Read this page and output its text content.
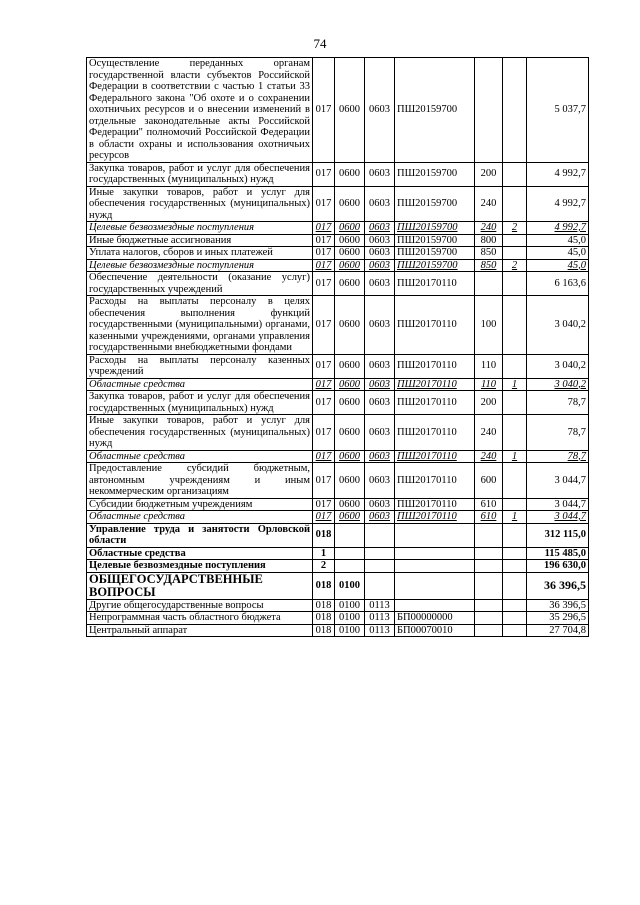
74
Осуществление переданных органам государственной власти субъектов Российской Федерации в соответствии с частью 1 статьи 33 Федерального закона "Об охоте и о сохранении охотничьих ресурсов и о внесении изменений в отдельные законодательные акты Российской Федерации" полномочий Российской Федерации в области охраны и использования охотничьих ресурсов	017	0600	0603	ПШ20159700			5 037,7
Закупка товаров, работ и услуг для обеспечения государственных (муниципальных) нужд	017	0600	0603	ПШ20159700	200		4 992,7
Иные закупки товаров, работ и услуг для обеспечения государственных (муниципальных) нужд	017	0600	0603	ПШ20159700	240		4 992,7
Целевые безвозмездные поступления	017	0600	0603	ПШ20159700	240	2	4 992,7
Иные бюджетные ассигнования	017	0600	0603	ПШ20159700	800		45,0
Уплата налогов, сборов и иных платежей	017	0600	0603	ПШ20159700	850		45,0
Целевые безвозмездные поступления	017	0600	0603	ПШ20159700	850	2	45,0
Обеспечение деятельности (оказание услуг) государственных учреждений	017	0600	0603	ПШ20170110			6 163,6
Расходы на выплаты персоналу в целях обеспечения выполнения функций государственными (муниципальными) органами, казенными учреждениями, органами управления государственными внебюджетными фондами	017	0600	0603	ПШ20170110	100		3 040,2
Расходы на выплаты персоналу казенных учреждений	017	0600	0603	ПШ20170110	110		3 040,2
Областные средства	017	0600	0603	ПШ20170110	110	1	3 040,2
Закупка товаров, работ и услуг для обеспечения государственных (муниципальных) нужд	017	0600	0603	ПШ20170110	200		78,7
Иные закупки товаров, работ и услуг для обеспечения государственных (муниципальных) нужд	017	0600	0603	ПШ20170110	240		78,7
Областные средства	017	0600	0603	ПШ20170110	240	1	78,7
Предоставление субсидий бюджетным, автономным учреждениям и иным некоммерческим организациям	017	0600	0603	ПШ20170110	600		3 044,7
Субсидии бюджетным учреждениям	017	0600	0603	ПШ20170110	610		3 044,7
Областные средства	017	0600	0603	ПШ20170110	610	1	3 044,7
Управление труда и занятости Орловской области	018						312 115,0
Областные средства	1						115 485,0
Целевые безвозмездные поступления	2						196 630,0
ОБЩЕГОСУДАРСТВЕННЫЕ ВОПРОСЫ	018	0100					36 396,5
Другие общегосударственные вопросы	018	0100	0113				36 396,5
Непрограммная часть областного бюджета	018	0100	0113	БП00000000			35 296,5
Центральный аппарат	018	0100	0113	БП00070010			27 704,8
